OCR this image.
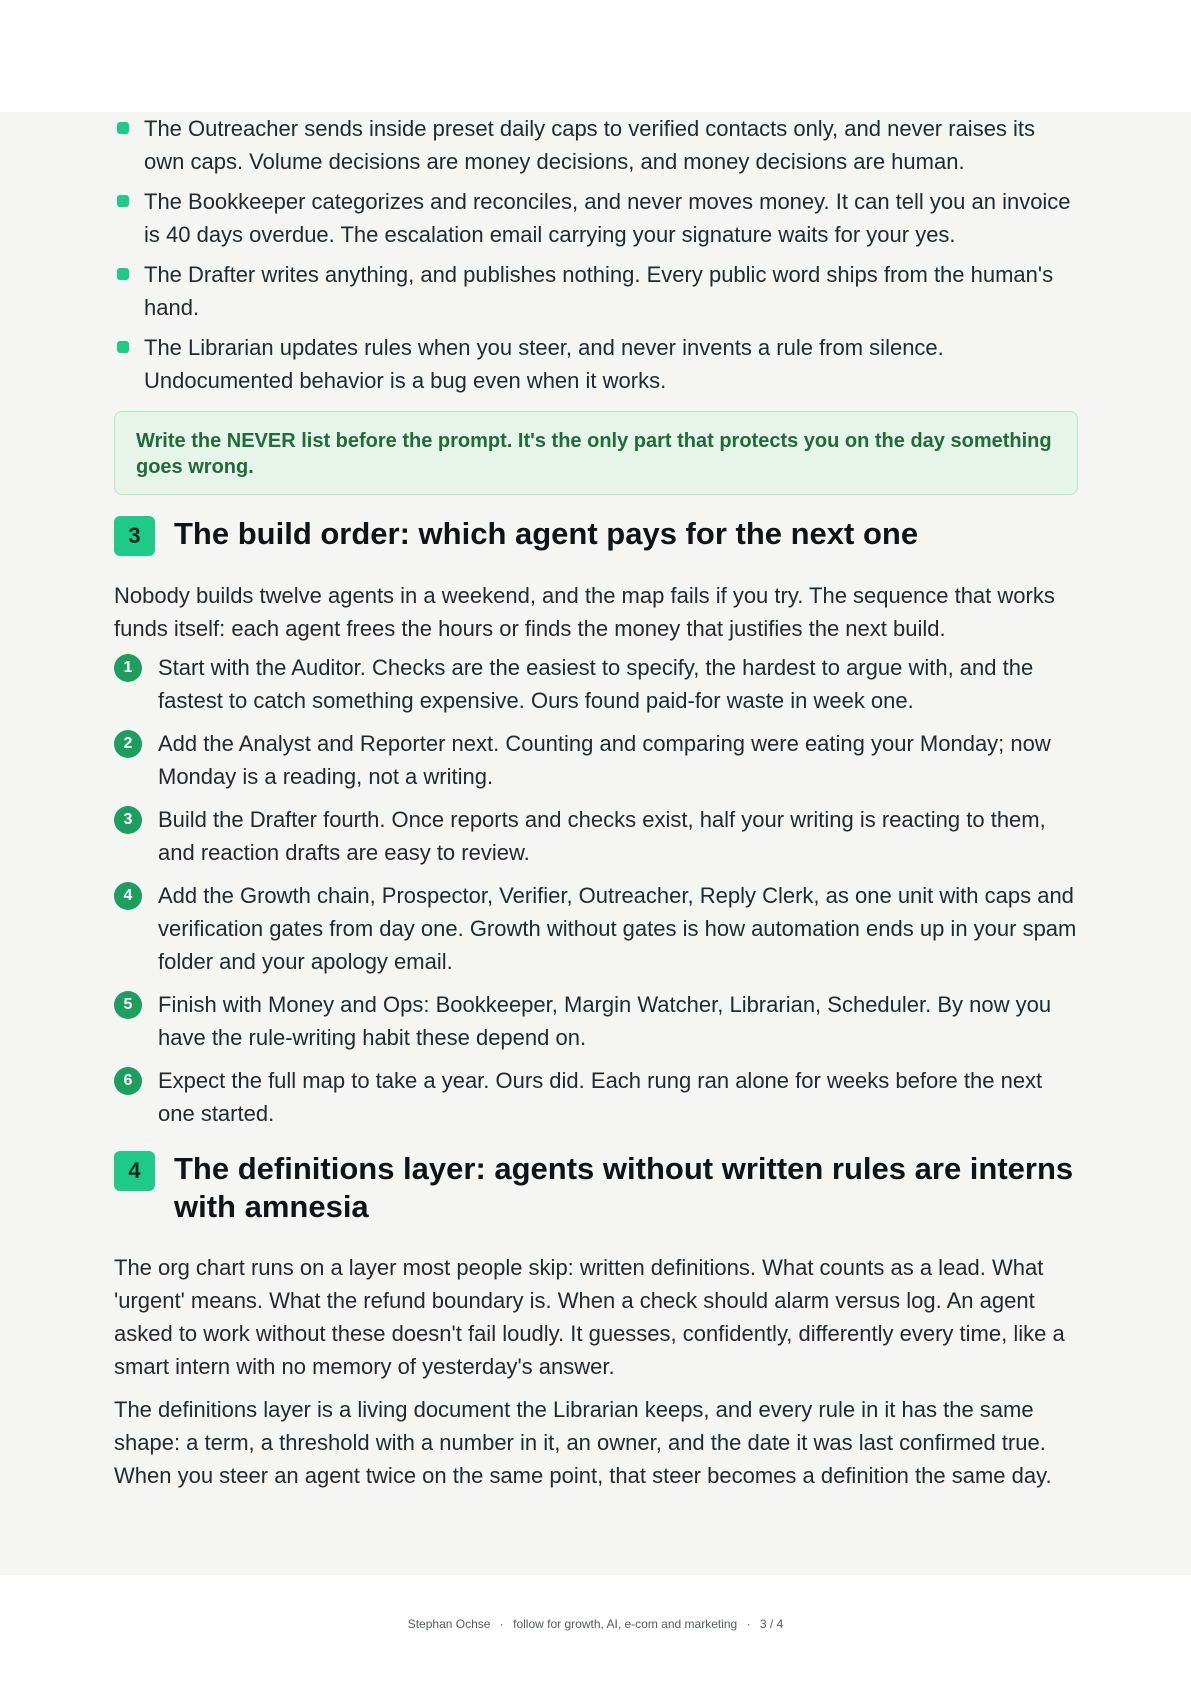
The Outreacher sends inside preset daily caps to verified contacts only, and never raises its own caps. Volume decisions are money decisions, and money decisions are human.
The Bookkeeper categorizes and reconciles, and never moves money. It can tell you an invoice is 40 days overdue. The escalation email carrying your signature waits for your yes.
The Drafter writes anything, and publishes nothing. Every public word ships from the human's hand.
The Librarian updates rules when you steer, and never invents a rule from silence. Undocumented behavior is a bug even when it works.
Write the NEVER list before the prompt. It's the only part that protects you on the day something goes wrong.
3	The build order: which agent pays for the next one

Nobody builds twelve agents in a weekend, and the map fails if you try. The sequence that works funds itself: each agent frees the hours or finds the money that justifies the next build.

1	Start with the Auditor. Checks are the easiest to specify, the hardest to argue with, and the fastest to catch something expensive. Ours found paid-for waste in week one.
2	Add the Analyst and Reporter next. Counting and comparing were eating your Monday; now Monday is a reading, not a writing.
3	Build the Drafter fourth. Once reports and checks exist, half your writing is reacting to them, and reaction drafts are easy to review.
4	Add the Growth chain, Prospector, Verifier, Outreacher, Reply Clerk, as one unit with caps and verification gates from day one. Growth without gates is how automation ends up in your spam folder and your apology email.
5	Finish with Money and Ops: Bookkeeper, Margin Watcher, Librarian, Scheduler. By now you have the rule-writing habit these depend on.
6	Expect the full map to take a year. Ours did. Each rung ran alone for weeks before the next one started.
4	The definitions layer: agents without written rules are interns with amnesia

The org chart runs on a layer most people skip: written definitions. What counts as a lead. What 'urgent' means. What the refund boundary is. When a check should alarm versus log. An agent asked to work without these doesn't fail loudly. It guesses, confidently, differently every time, like a smart intern with no memory of yesterday's answer.

The definitions layer is a living document the Librarian keeps, and every rule in it has the same shape: a term, a threshold with a number in it, an owner, and the date it was last confirmed true. When you steer an agent twice on the same point, that steer becomes a definition the same day.

Stephan Ochse · follow for growth, AI, e-com and marketing · 3 / 4
